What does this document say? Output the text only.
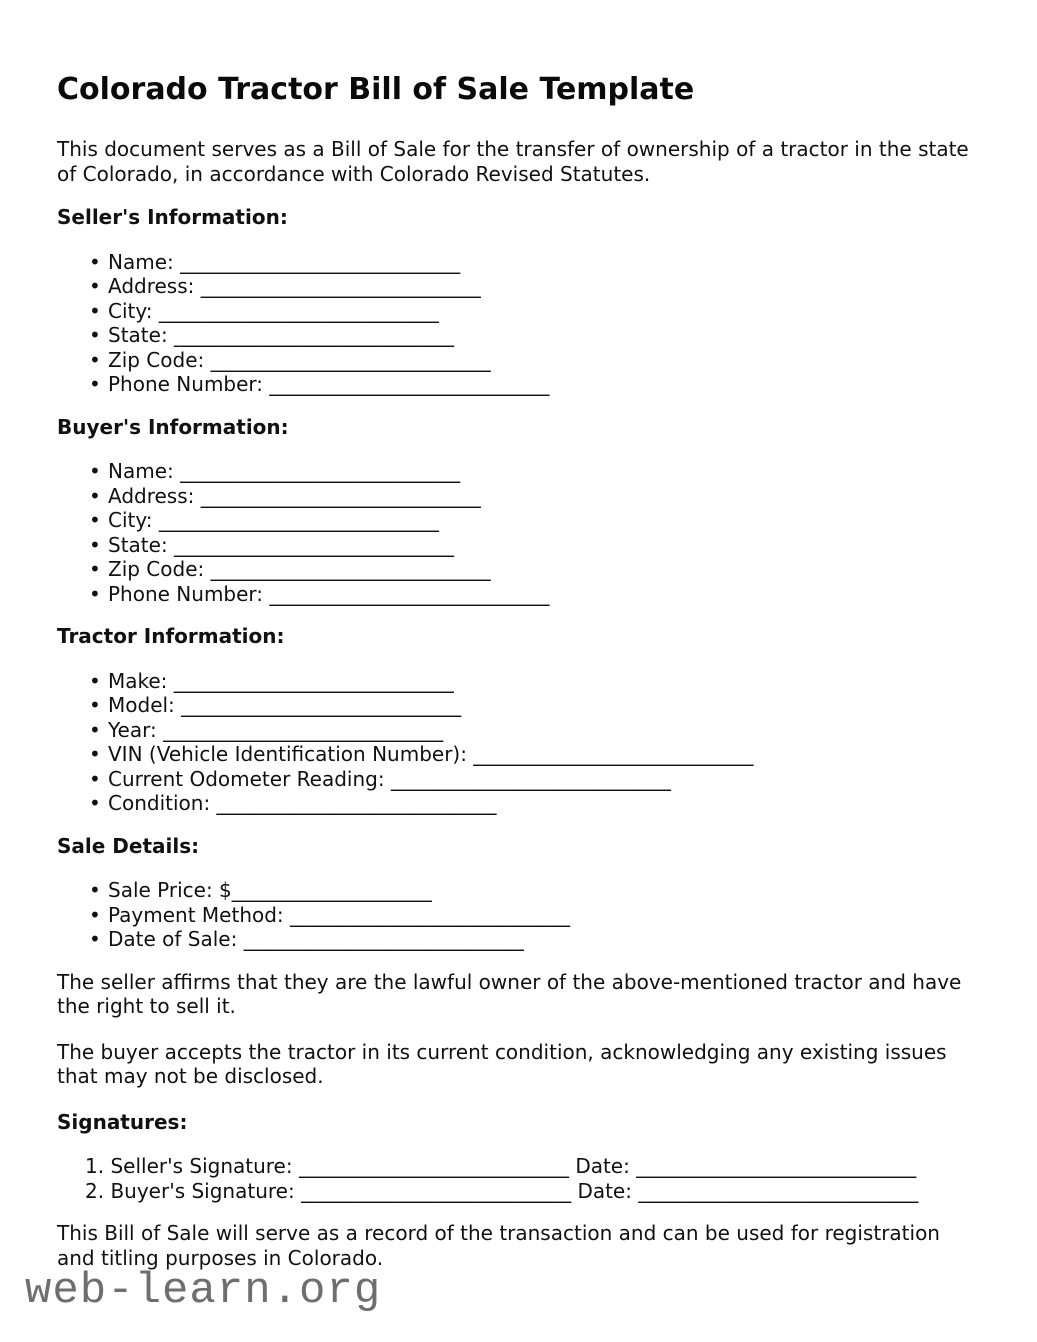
Colorado Tractor Bill of Sale Template

This document serves as a Bill of Sale for the transfer of ownership of a tractor in the state of Colorado, in accordance with Colorado Revised Statutes.

Seller's Information:
• Name: ____________________________
• Address: ____________________________
• City: ____________________________
• State: ____________________________
• Zip Code: ____________________________
• Phone Number: ____________________________
Buyer's Information:
• Name: ____________________________
• Address: ____________________________
• City: ____________________________
• State: ____________________________
• Zip Code: ____________________________
• Phone Number: ____________________________
Tractor Information:
• Make: ____________________________
• Model: ____________________________
• Year: ____________________________
• VIN (Vehicle Identification Number): ____________________________
• Current Odometer Reading: ____________________________
• Condition: ____________________________
Sale Details:
• Sale Price: $____________________
• Payment Method: ____________________________
• Date of Sale: ____________________________

The seller affirms that they are the lawful owner of the above-mentioned tractor and have the right to sell it.

The buyer accepts the tractor in its current condition, acknowledging any existing issues that may not be disclosed.

Signatures:
1. Seller's Signature: ___________________________ Date: ____________________________
2. Buyer's Signature: ___________________________ Date: ____________________________

This Bill of Sale will serve as a record of the transaction and can be used for registration and titling purposes in Colorado.

web-learn.org
